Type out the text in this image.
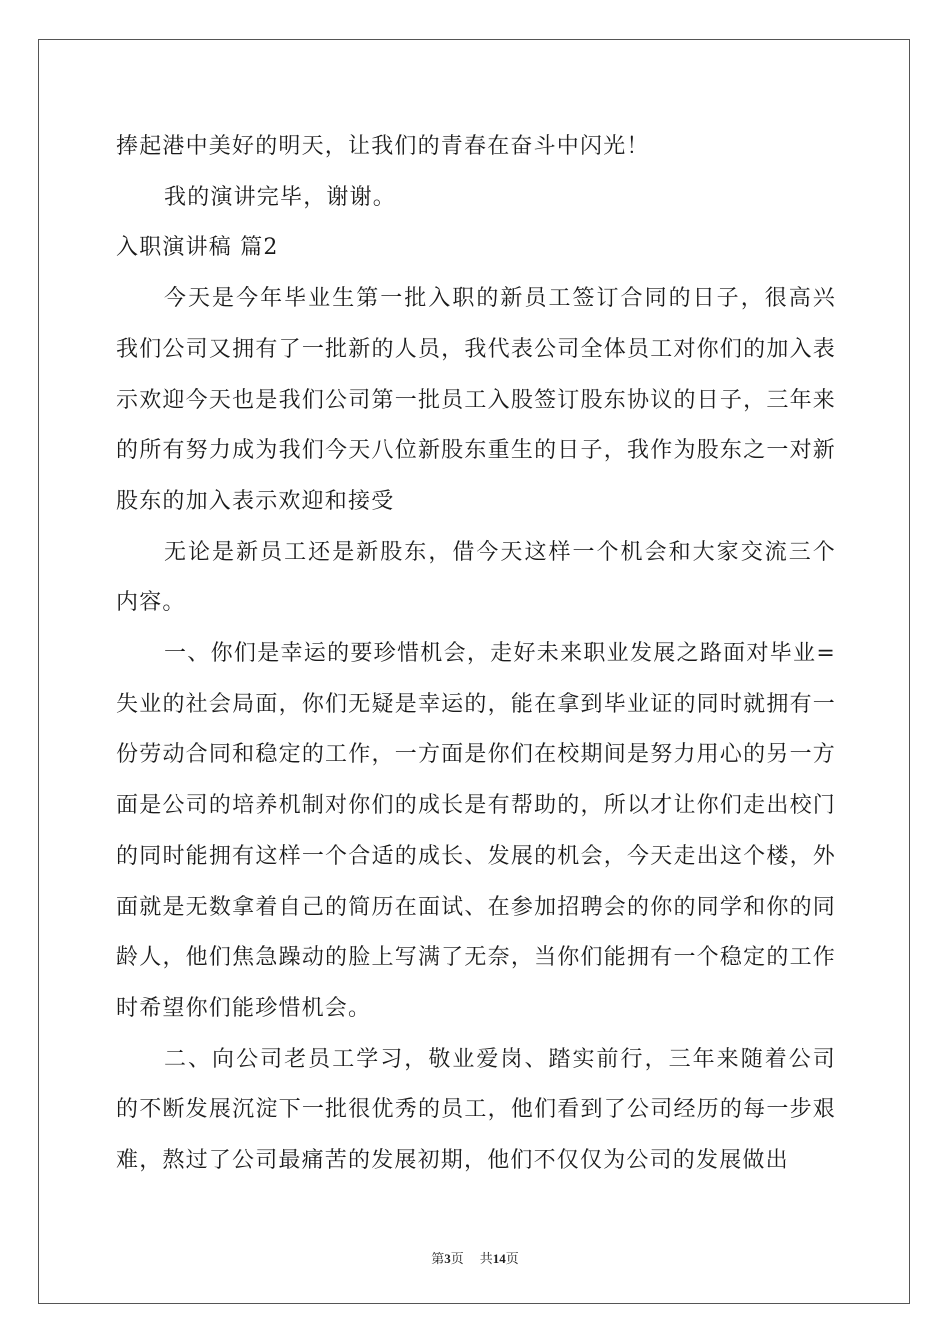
捧起港中美好的明天，让我们的青春在奋斗中闪光！

我的演讲完毕，谢谢。

入职演讲稿 篇2

今天是今年毕业生第一批入职的新员工签订合同的日子，很高兴我们公司又拥有了一批新的人员，我代表公司全体员工对你们的加入表示欢迎今天也是我们公司第一批员工入股签订股东协议的日子，三年来的所有努力成为我们今天八位新股东重生的日子，我作为股东之一对新股东的加入表示欢迎和接受

无论是新员工还是新股东，借今天这样一个机会和大家交流三个内容。

一、你们是幸运的要珍惜机会，走好未来职业发展之路面对毕业=失业的社会局面，你们无疑是幸运的，能在拿到毕业证的同时就拥有一份劳动合同和稳定的工作，一方面是你们在校期间是努力用心的另一方面是公司的培养机制对你们的成长是有帮助的，所以才让你们走出校门的同时能拥有这样一个合适的成长、发展的机会，今天走出这个楼，外面就是无数拿着自己的简历在面试、在参加招聘会的你的同学和你的同龄人，他们焦急躁动的脸上写满了无奈，当你们能拥有一个稳定的工作时希望你们能珍惜机会。

二、向公司老员工学习，敬业爱岗、踏实前行，三年来随着公司的不断发展沉淀下一批很优秀的员工，他们看到了公司经历的每一步艰难，熬过了公司最痛苦的发展初期，他们不仅仅为公司的发展做出

第3页 共14页
